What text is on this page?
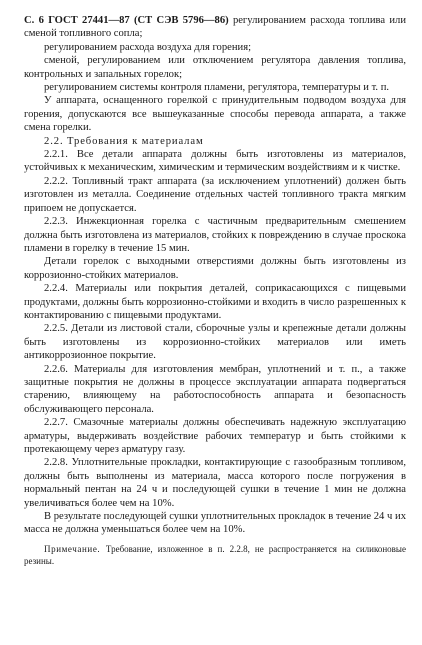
С. 6 ГОСТ 27441—87 (СТ СЭВ 5796—86) регулированием расхода топлива или сменой топливного сопла;

регулированием расхода воздуха для горения;

сменой, регулированием или отключением регулятора давления топлива, контрольных и запальных горелок;

регулированием системы контроля пламени, регулятора, температуры и т. п.

У аппарата, оснащенного горелкой с принудительным подводом воздуха для горения, допускаются все вышеуказанные способы перевода аппарата, а также смена горелки.

2.2. Требования к материалам

2.2.1. Все детали аппарата должны быть изготовлены из материалов, устойчивых к механическим, химическим и термическим воздействиям и к чистке.

2.2.2. Топливный тракт аппарата (за исключением уплотнений) должен быть изготовлен из металла. Соединение отдельных частей топливного тракта мягким припоем не допускается.

2.2.3. Инжекционная горелка с частичным предварительным смешением должна быть изготовлена из материалов, стойких к повреждению в случае проскока пламени в горелку в течение 15 мин.

Детали горелок с выходными отверстиями должны быть изготовлены из коррозионно-стойких материалов.

2.2.4. Материалы или покрытия деталей, соприкасающихся с пищевыми продуктами, должны быть коррозионно-стойкими и входить в число разрешенных к контактированию с пищевыми продуктами.

2.2.5. Детали из листовой стали, сборочные узлы и крепежные детали должны быть изготовлены из коррозионно-стойких материалов или иметь антикоррозионное покрытие.

2.2.6. Материалы для изготовления мембран, уплотнений и т. п., а также защитные покрытия не должны в процессе эксплуатации аппарата подвергаться старению, влияющему на работоспособность аппарата и безопасность обслуживающего персонала.

2.2.7. Смазочные материалы должны обеспечивать надежную эксплуатацию арматуры, выдерживать воздействие рабочих температур и быть стойкими к протекающему через арматуру газу.

2.2.8. Уплотнительные прокладки, контактирующие с газообразным топливом, должны быть выполнены из материала, масса которого после погружения в нормальный пентан на 24 ч и последующей сушки в течение 1 мин не должна увеличиваться более чем на 10%.

В результате последующей сушки уплотнительных прокладок в течение 24 ч их масса не должна уменьшаться более чем на 10%.

Примечание. Требование, изложенное в п. 2.2.8, не распространяется на силиконовые резины.
